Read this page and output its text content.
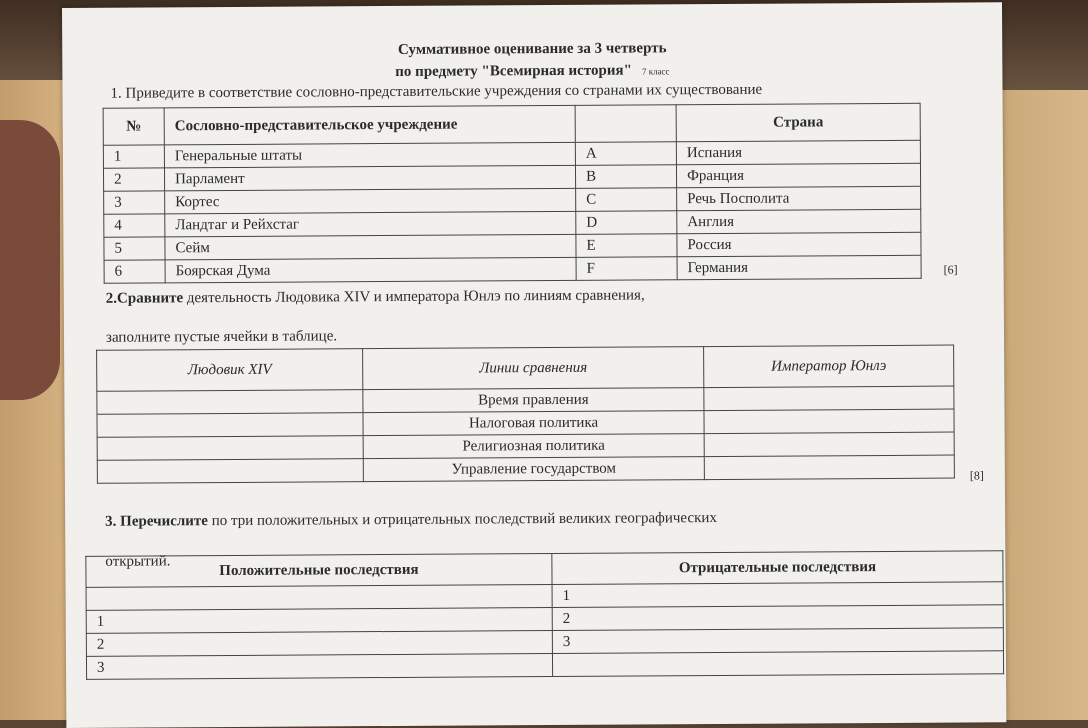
Суммативное оценивание за 3 четверть
по предмету "Всемирная история" 7 класс
1. Приведите в соответствие сословно-представительские учреждения со странами их существование
№	Сословно-представительское учреждение		Страна
1	Генеральные штаты	A	Испания
2	Парламент	B	Франция
3	Кортес	C	Речь Посполита
4	Ландтаг и Рейхстаг	D	Англия
5	Сейм	E	Россия
6	Боярская Дума	F	Германия	[6]
2.Сравните деятельность Людовика XIV и императора Юнлэ по линиям сравнения,
заполните пустые ячейки в таблице.
Людовик XIV	Линии сравнения	Император Юнлэ
	Время правления	
	Налоговая политика	
	Религиозная политика	
	Управление государством		[8]
3. Перечислите по три положительных и отрицательных последствий великих географических
открытий.	Положительные последствия	Отрицательные последствия
	1
1	2
2	3
3	
